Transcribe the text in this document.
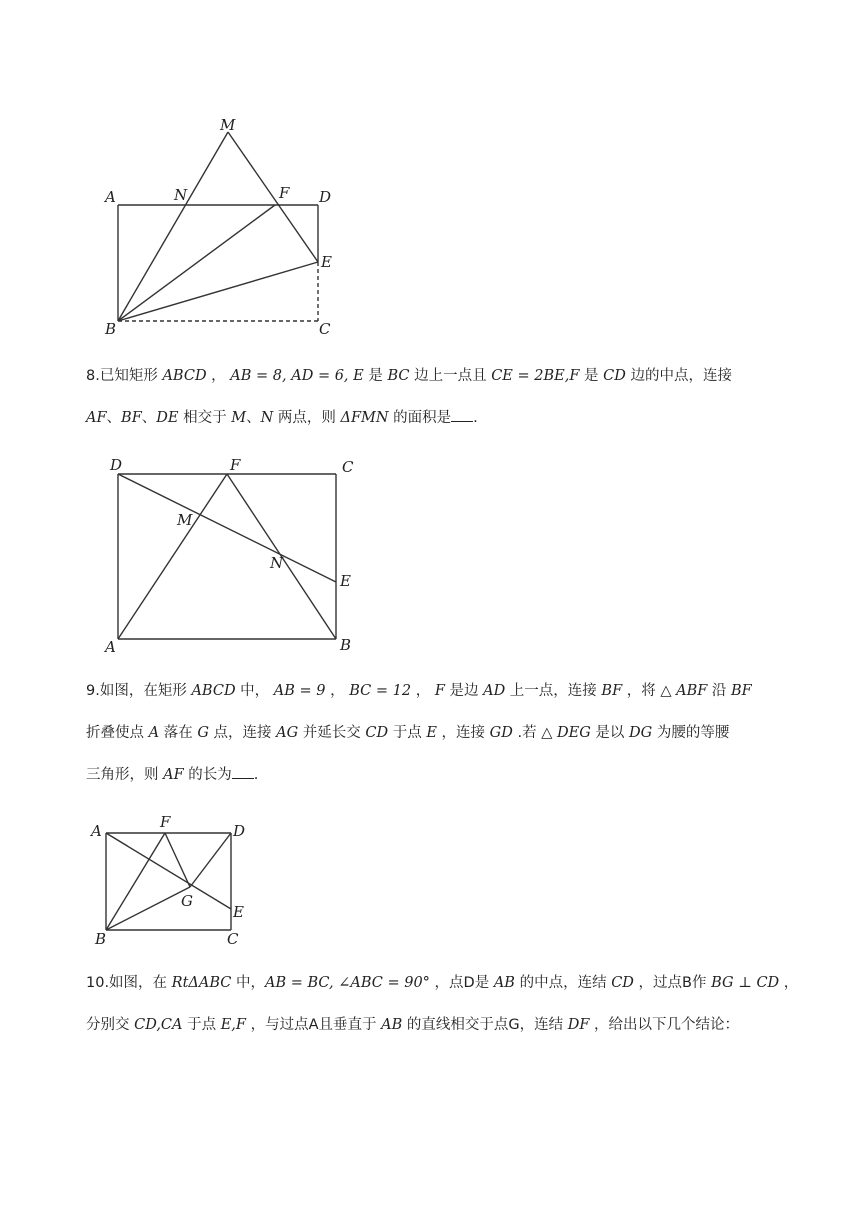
M
A	N	F D
E
B	C

8.已知矩形 ABCD ， AB = 8, AD = 6, E 是 BC 边上一点且 CE = 2BE,F 是 CD 边的中点，连接

AF、BF、DE 相交于 M、N 两点，则 ΔFMN 的面积是 .

D	F	C
M
N
E
A	B

9.如图，在矩形 ABCD 中， AB = 9 ， BC = 12 ， F 是边 AD 上一点，连接 BF ，将 △ ABF 沿 BF

折叠使点 A 落在 G 点，连接 AG 并延长交 CD 于点 E ，连接 GD .若 △ DEG 是以 DG 为腰的等腰

三角形，则 AF 的长为 .

A	F	D
G
E
B	C

10.如图，在 RtΔABC 中，AB = BC, ∠ABC = 90° ，点D是 AB 的中点，连结 CD ，过点B作 BG ⊥ CD ，

分别交 CD,CA 于点 E,F ，与过点A且垂直于 AB 的直线相交于点G，连结 DF ，给出以下几个结论：
